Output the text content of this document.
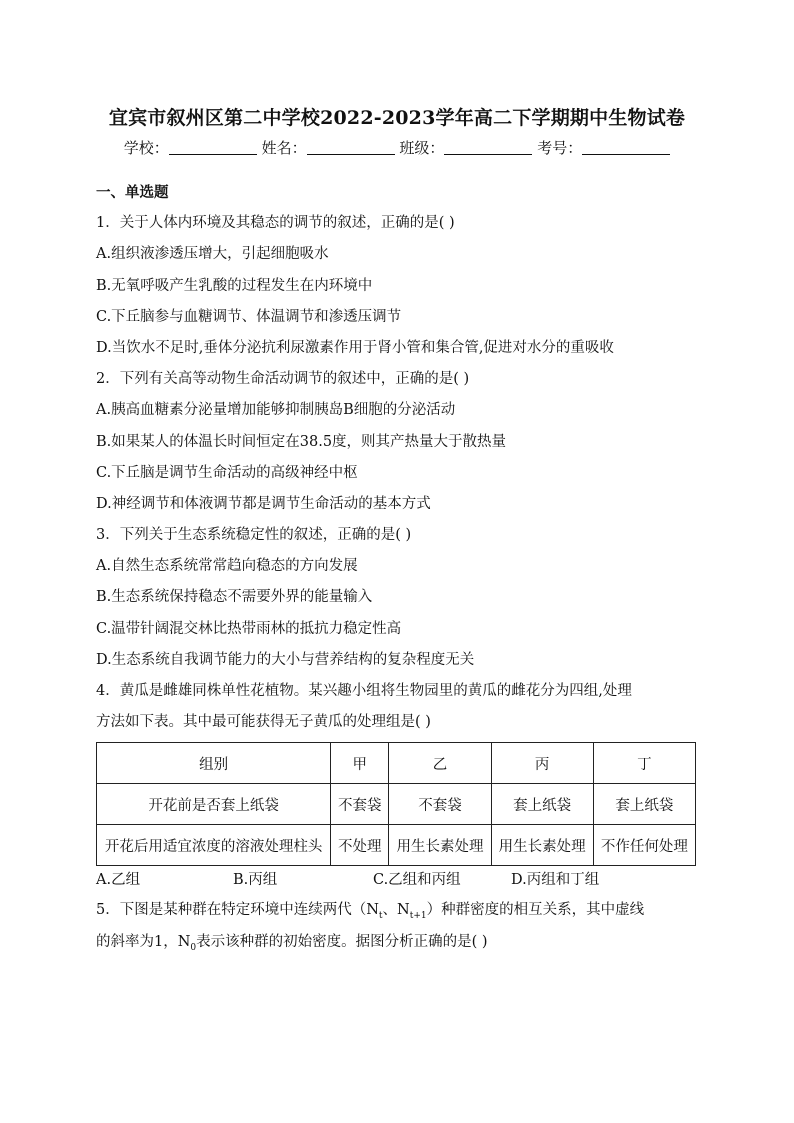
宜宾市叙州区第二中学校2022-2023学年高二下学期期中生物试卷
学校：	姓名：	班级：	考号：
一、单选题
1．关于人体内环境及其稳态的调节的叙述，正确的是( )
A.组织液渗透压增大，引起细胞吸水
B.无氧呼吸产生乳酸的过程发生在内环境中
C.下丘脑参与血糖调节、体温调节和渗透压调节
D.当饮水不足时,垂体分泌抗利尿激素作用于肾小管和集合管,促进对水分的重吸收
2．下列有关高等动物生命活动调节的叙述中，正确的是( )
A.胰高血糖素分泌量增加能够抑制胰岛B细胞的分泌活动
B.如果某人的体温长时间恒定在38.5度，则其产热量大于散热量
C.下丘脑是调节生命活动的高级神经中枢
D.神经调节和体液调节都是调节生命活动的基本方式
3．下列关于生态系统稳定性的叙述，正确的是( )
A.自然生态系统常常趋向稳态的方向发展
B.生态系统保持稳态不需要外界的能量输入
C.温带针阔混交林比热带雨林的抵抗力稳定性高
D.生态系统自我调节能力的大小与营养结构的复杂程度无关
4．黄瓜是雌雄同株单性花植物。某兴趣小组将生物园里的黄瓜的雌花分为四组,处理
方法如下表。其中最可能获得无子黄瓜的处理组是( )
组别	甲	乙	丙	丁
开花前是否套上纸袋	不套袋	不套袋	套上纸袋	套上纸袋
开花后用适宜浓度的溶液处理柱头	不处理	用生长素处理	用生长素处理	不作任何处理
A.乙组	B.丙组	C.乙组和丙组	D.丙组和丁组
5．下图是某种群在特定环境中连续两代（$N_t$、$N_{t+1}$）种群密度的相互关系，其中虚线
的斜率为1，$N_0$表示该种群的初始密度。据图分析正确的是( )
